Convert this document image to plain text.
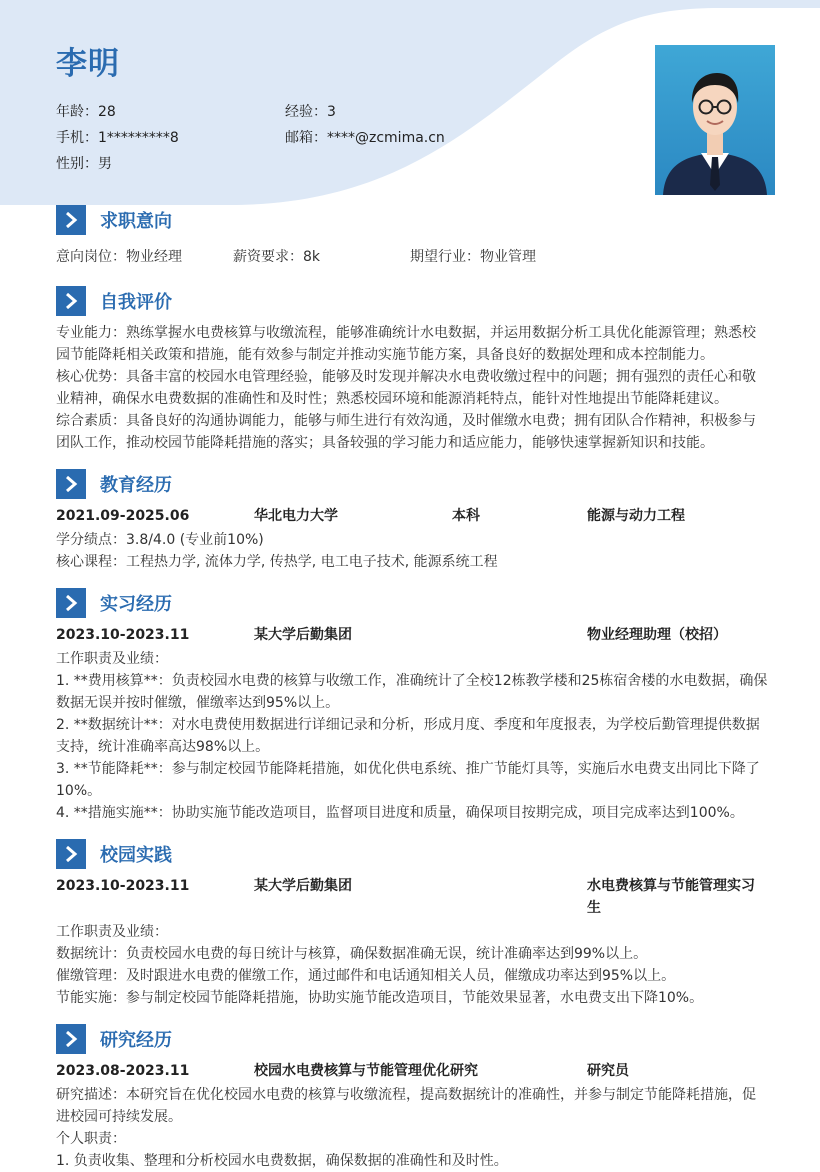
李明
年龄：28	经验：3
手机：1*********8	邮箱：****@zcmima.cn
性别：男
求职意向
意向岗位：物业经理	薪资要求：8k	期望行业：物业管理
自我评价
专业能力：熟练掌握水电费核算与收缴流程，能够准确统计水电数据，并运用数据分析工具优化能源管理；熟悉校园节能降耗相关政策和措施，能有效参与制定并推动实施节能方案，具备良好的数据处理和成本控制能力。
核心优势：具备丰富的校园水电管理经验，能够及时发现并解决水电费收缴过程中的问题；拥有强烈的责任心和敬业精神，确保水电费数据的准确性和及时性；熟悉校园环境和能源消耗特点，能针对性地提出节能降耗建议。
综合素质：具备良好的沟通协调能力，能够与师生进行有效沟通，及时催缴水电费；拥有团队合作精神，积极参与团队工作，推动校园节能降耗措施的落实；具备较强的学习能力和适应能力，能够快速掌握新知识和技能。
教育经历
2021.09-2025.06	华北电力大学	本科	能源与动力工程
学分绩点：3.8/4.0 (专业前10%)
核心课程：工程热力学, 流体力学, 传热学, 电工电子技术, 能源系统工程
实习经历
2023.10-2023.11	某大学后勤集团	物业经理助理（校招）
工作职责及业绩：
1. **费用核算**：负责校园水电费的核算与收缴工作，准确统计了全校12栋教学楼和25栋宿舍楼的水电数据，确保数据无误并按时催缴，催缴率达到95%以上。
2. **数据统计**：对水电费使用数据进行详细记录和分析，形成月度、季度和年度报表，为学校后勤管理提供数据支持，统计准确率高达98%以上。
3. **节能降耗**：参与制定校园节能降耗措施，如优化供电系统、推广节能灯具等，实施后水电费支出同比下降了10%。
4. **措施实施**：协助实施节能改造项目，监督项目进度和质量，确保项目按期完成，项目完成率达到100%。
校园实践
2023.10-2023.11	某大学后勤集团	水电费核算与节能管理实习生
工作职责及业绩：
数据统计：负责校园水电费的每日统计与核算，确保数据准确无误，统计准确率达到99%以上。
催缴管理：及时跟进水电费的催缴工作，通过邮件和电话通知相关人员，催缴成功率达到95%以上。
节能实施：参与制定校园节能降耗措施，协助实施节能改造项目，节能效果显著，水电费支出下降10%。
研究经历
2023.08-2023.11	校园水电费核算与节能管理优化研究	研究员
研究描述：本研究旨在优化校园水电费的核算与收缴流程，提高数据统计的准确性，并参与制定节能降耗措施，促进校园可持续发展。
个人职责：
1. 负责收集、整理和分析校园水电费数据，确保数据的准确性和及时性。
